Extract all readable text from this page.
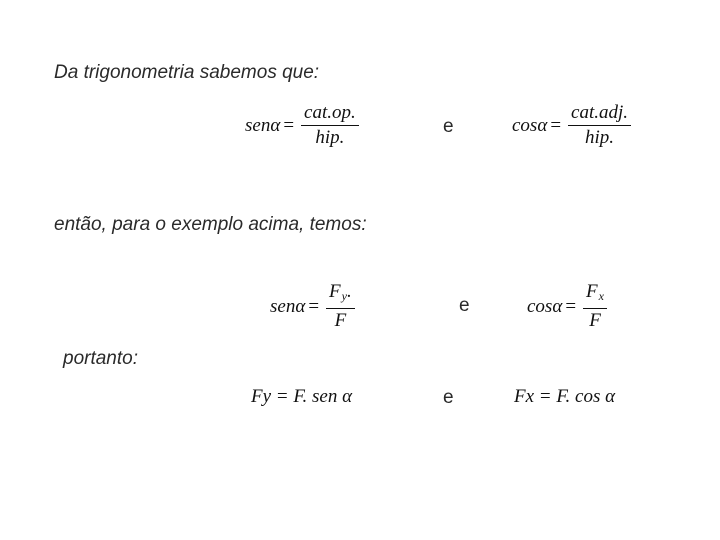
Da trigonometria sabemos que:
$sen\alpha = \frac{\text{cat.op.}}{\text{hip.}}$	e	$\cos\alpha = \frac{\text{cat.adj.}}{\text{hip.}}$
então, para o exemplo acima, temos:
$sen\alpha = \frac{F_y.}{F}$	e	$\cos\alpha = \frac{F_x}{F}$
portanto:
Fy = F. sen α	e	Fx = F. cos α
